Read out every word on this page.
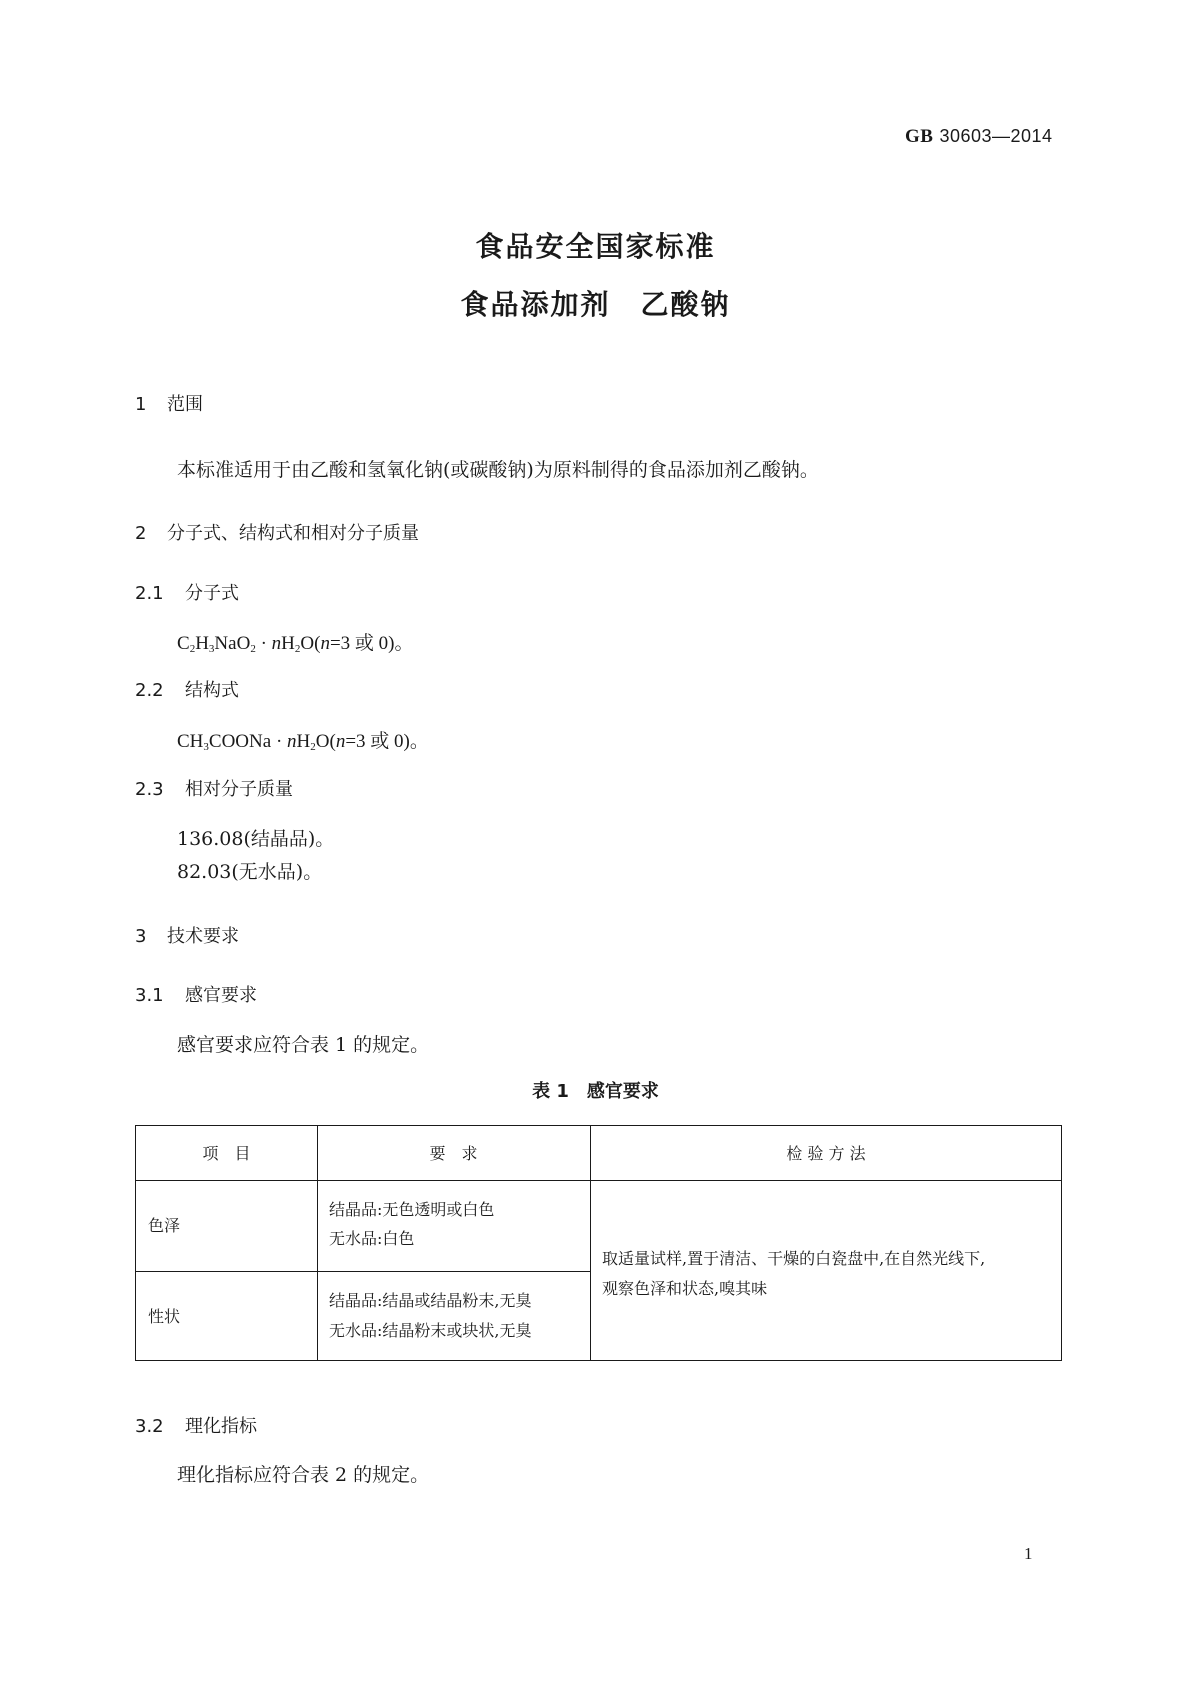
GB 30603—2014
食品安全国家标准
食品添加剂　乙酸钠
1 范围
本标准适用于由乙酸和氢氧化钠(或碳酸钠)为原料制得的食品添加剂乙酸钠。
2 分子式、结构式和相对分子质量
2.1 分子式
$C_2H_3NaO_2 \cdot nH_2O(n=3$ 或 0)。
2.2 结构式
$CH_3COONa \cdot nH_2O(n=3$ 或 0)。
2.3 相对分子质量
136.08(结晶品)。
82.03(无水品)。
3 技术要求
3.1 感官要求
感官要求应符合表 1 的规定。
表 1　感官要求
项　目	要　求	检 验 方 法
色泽
结晶品:无色透明或白色
无水品:白色
性状
结晶品:结晶或结晶粉末,无臭
无水品:结晶粉末或块状,无臭
取适量试样,置于清洁、干燥的白瓷盘中,在自然光线下,
观察色泽和状态,嗅其味
3.2 理化指标
理化指标应符合表 2 的规定。
1
